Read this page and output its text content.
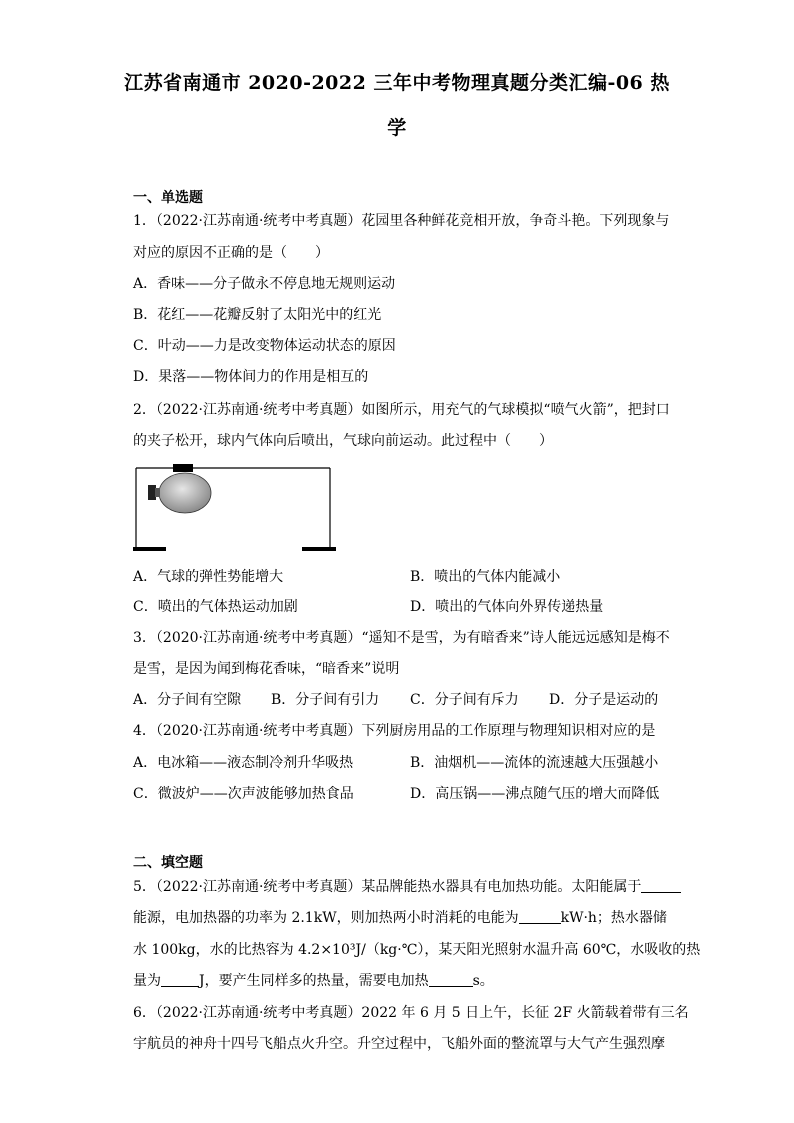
江苏省南通市 2020-2022 三年中考物理真题分类汇编-06 热
学
一、单选题
1．（2022·江苏南通·统考中考真题）花园里各种鲜花竞相开放，争奇斗艳。下列现象与
对应的原因不正确的是（　　）
A．香味——分子做永不停息地无规则运动
B．花红——花瓣反射了太阳光中的红光
C．叶动——力是改变物体运动状态的原因
D．果落——物体间力的作用是相互的
2．（2022·江苏南通·统考中考真题）如图所示，用充气的气球模拟“喷气火箭”，把封口
的夹子松开，球内气体向后喷出，气球向前运动。此过程中（　　）
A．气球的弹性势能增大	B．喷出的气体内能减小
C．喷出的气体热运动加剧	D．喷出的气体向外界传递热量
3．（2020·江苏南通·统考中考真题）“遥知不是雪，为有暗香来”诗人能远远感知是梅不
是雪，是因为闻到梅花香味，“暗香来”说明
A．分子间有空隙 B．分子间有引力 C．分子间有斥力 D．分子是运动的
4．（2020·江苏南通·统考中考真题）下列厨房用品的工作原理与物理知识相对应的是
A．电冰箱——液态制冷剂升华吸热	B．油烟机——流体的流速越大压强越小
C．微波炉——次声波能够加热食品	D．高压锅——沸点随气压的增大而降低
二、填空题
5．（2022·江苏南通·统考中考真题）某品牌能热水器具有电加热功能。太阳能属于
能源，电加热器的功率为 2.1kW，则加热两小时消耗的电能为	kW·h；热水器储
水 100kg，水的比热容为 4.2×10³J/（kg·℃），某天阳光照射水温升高 60℃，水吸收的热
量为	J，要产生同样多的热量，需要电加热	s。
6．（2022·江苏南通·统考中考真题）2022 年 6 月 5 日上午，长征 2F 火箭载着带有三名
宇航员的神舟十四号飞船点火升空。升空过程中，飞船外面的整流罩与大气产生强烈摩
